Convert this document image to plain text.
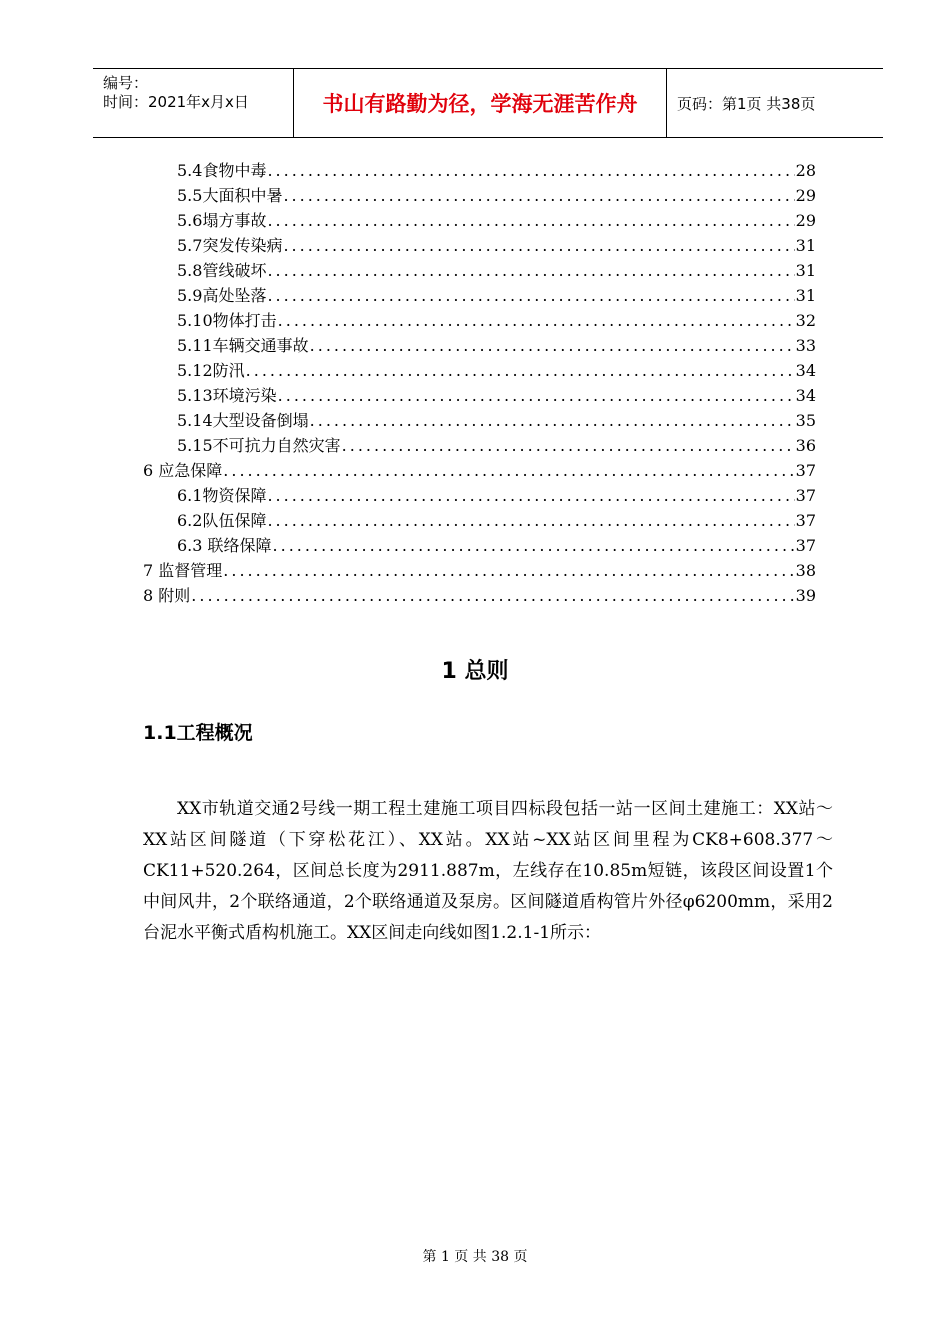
编号：
时间：2021年x月x日	书山有路勤为径，学海无涯苦作舟	页码：第1页 共38页
5.4食物中毒 .....	28
5.5大面积中暑 .....	29
5.6塌方事故 .....	29
5.7突发传染病 .....	31
5.8管线破坏 .....	31
5.9高处坠落 .....	31
5.10物体打击 .....	32
5.11车辆交通事故 .....	33
5.12防汛 .....	34
5.13环境污染 .....	34
5.14大型设备倒塌 .....	35
5.15不可抗力自然灾害 .....	36
6 应急保障 .....	37
6.1物资保障 .....	37
6.2队伍保障 .....	37
6.3 联络保障 .....	37
7 监督管理 .....	38
8 附则 .....	39
1 总则
1.1工程概况

XX市轨道交通2号线一期工程土建施工项目四标段包括一站一区间土建施工：XX站～XX站区间隧道（下穿松花江）、XX站。XX站~XX站区间里程为CK8+608.377～CK11+520.264，区间总长度为2911.887m，左线存在10.85m短链，该段区间设置1个中间风井，2个联络通道，2个联络通道及泵房。区间隧道盾构管片外径φ6200mm，采用2台泥水平衡式盾构机施工。XX区间走向线如图1.2.1-1所示：

第 1 页 共 38 页
